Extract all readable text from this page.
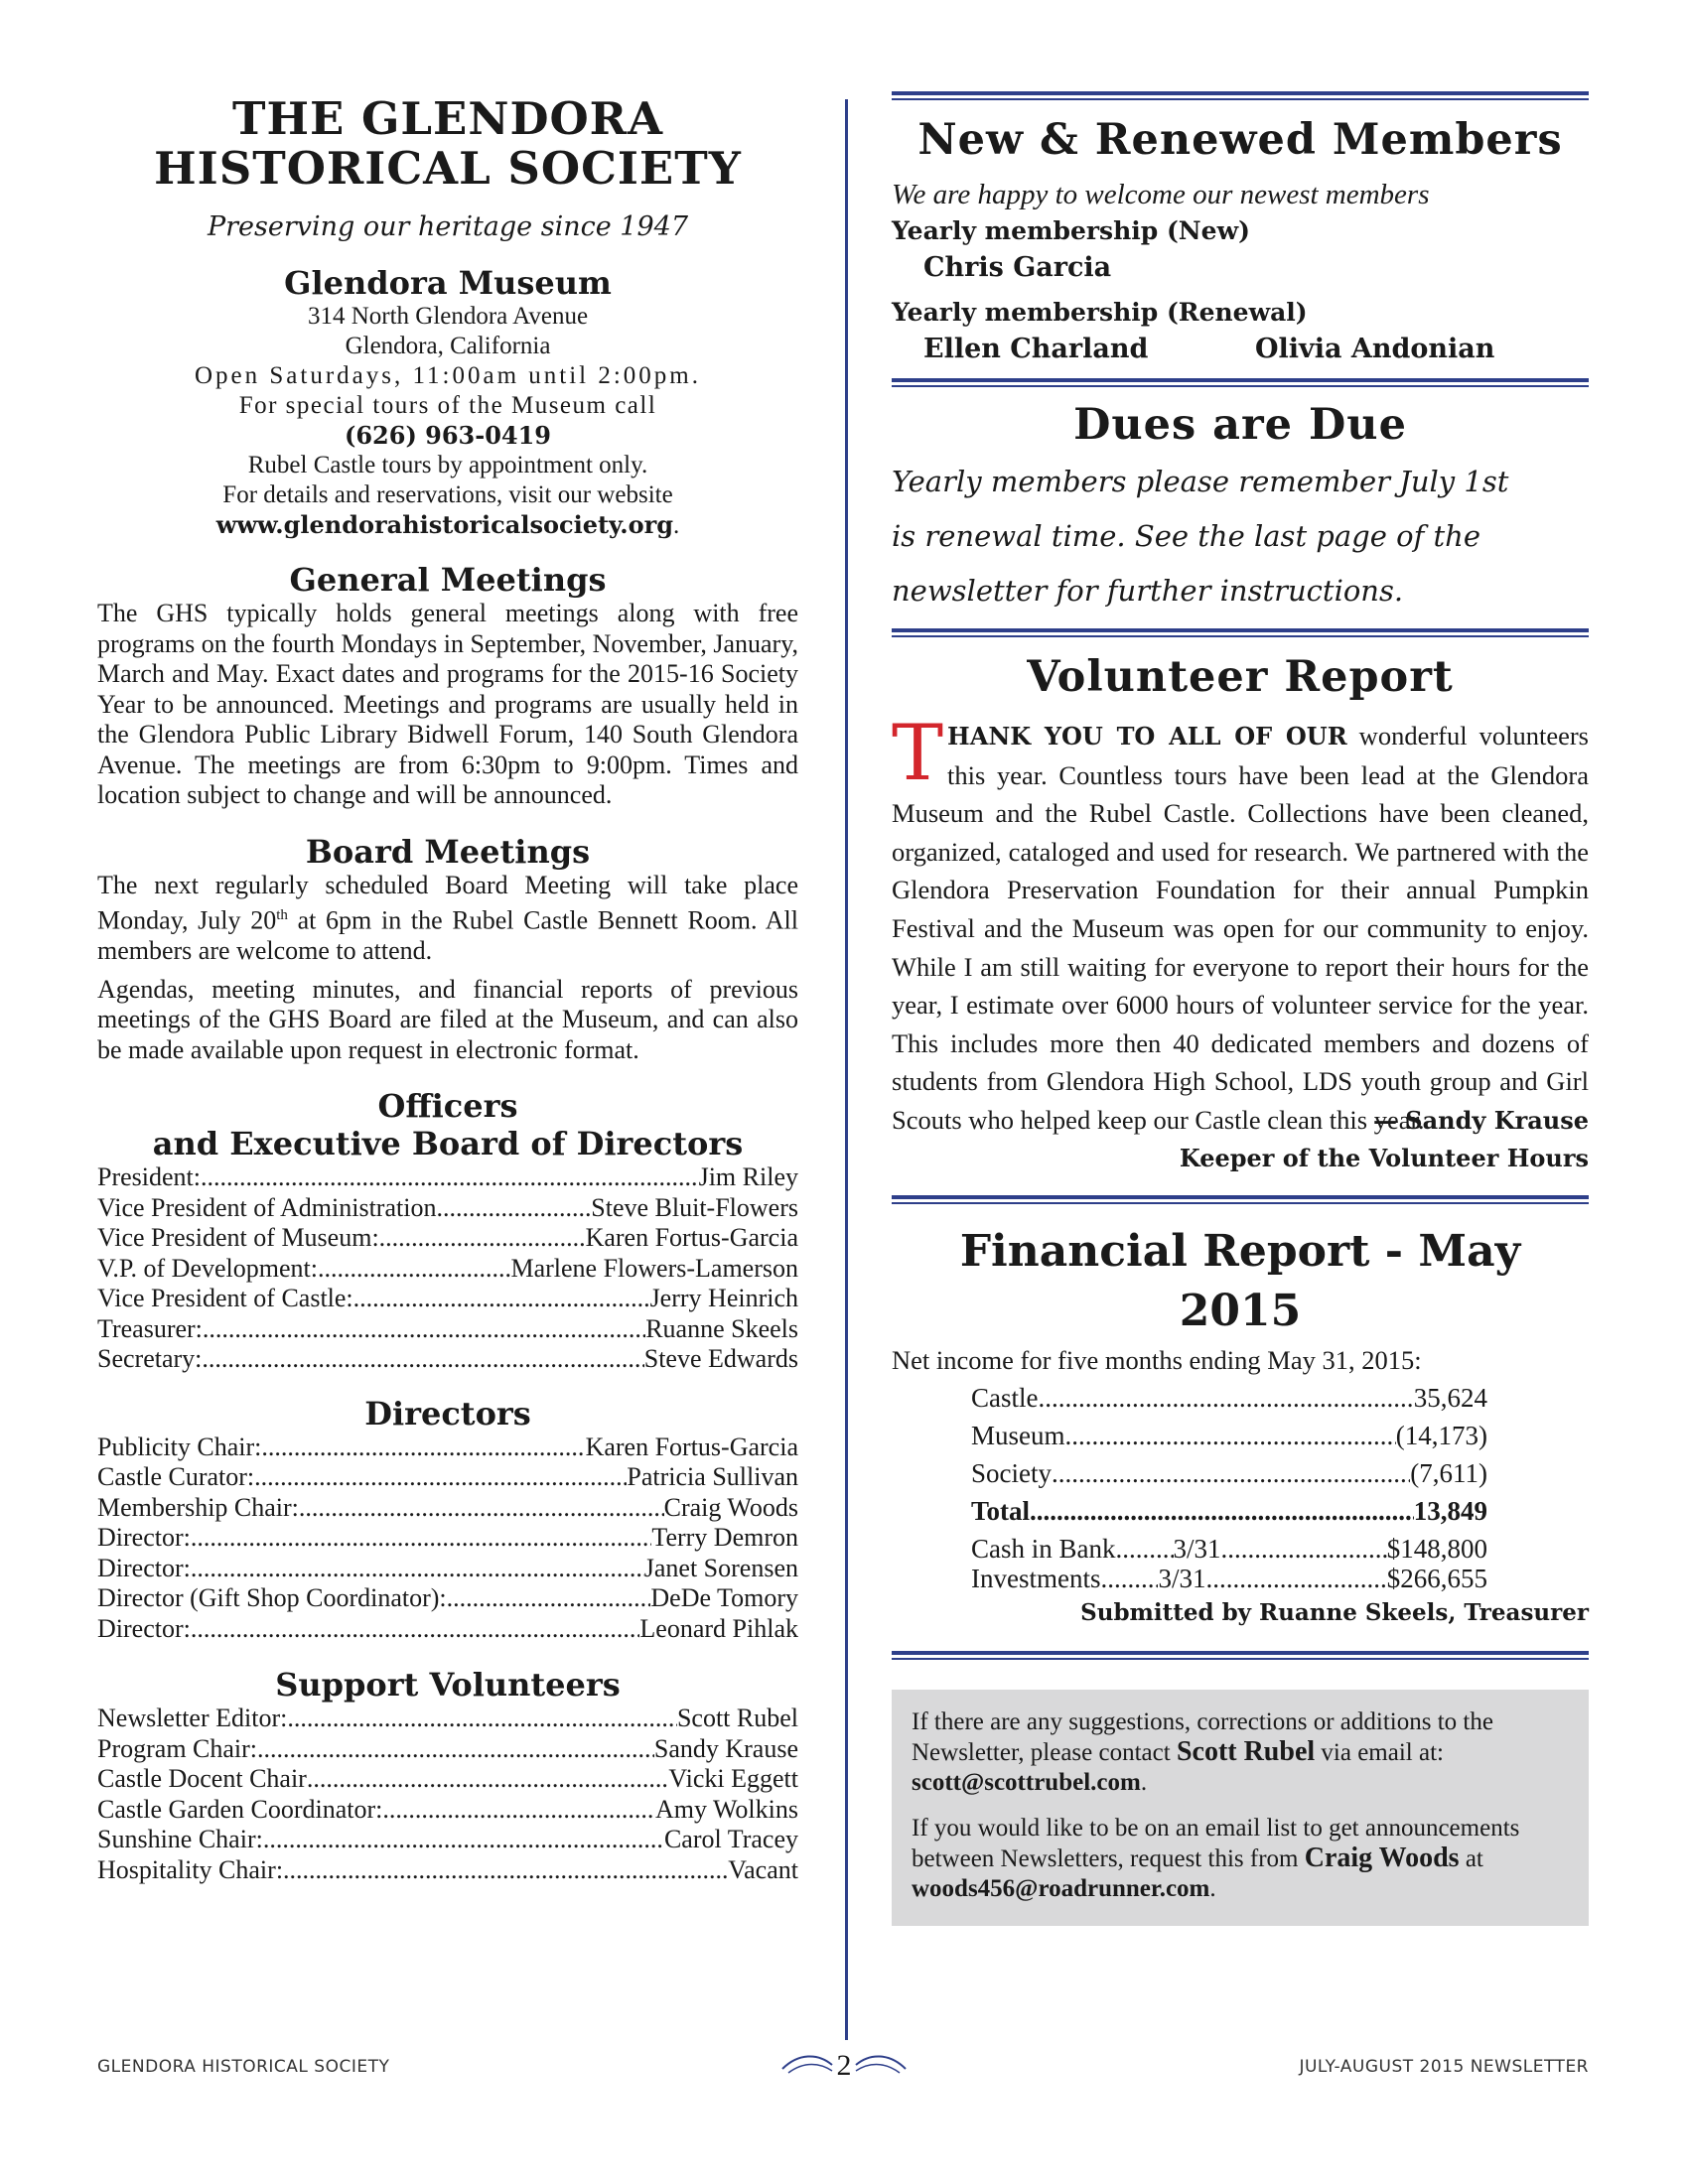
THE GLENDORA
HISTORICAL SOCIETY
Preserving our heritage since 1947
Glendora Museum
314 North Glendora Avenue
Glendora, California
Open Saturdays, 11:00am until 2:00pm.
For special tours of the Museum call
(626) 963-0419
Rubel Castle tours by appointment only.
For details and reservations, visit our website
www.glendorahistoricalsociety.org.
General Meetings
The GHS typically holds general meetings along with free programs on the fourth Mondays in September, November, January, March and May. Exact dates and programs for the 2015-16 Society Year to be announced. Meetings and programs are usually held in the Glendora Public Library Bidwell Forum, 140 South Glendora Avenue. The meetings are from 6:30pm to 9:00pm. Times and location subject to change and will be announced.
Board Meetings
The next regularly scheduled Board Meeting will take place Monday, July 20th at 6pm in the Rubel Castle Bennett Room. All members are welcome to attend.
Agendas, meeting minutes, and financial reports of previous meetings of the GHS Board are filed at the Museum, and can also be made available upon request in electronic format.
Officers
and Executive Board of Directors
President: .....	Jim Riley
Vice President of Administration .....	Steve Bluit-Flowers
Vice President of Museum: .....	Karen Fortus-Garcia
V.P. of Development: .....	Marlene Flowers-Lamerson
Vice President of Castle: .....	Jerry Heinrich
Treasurer: .....	Ruanne Skeels
Secretary: .....	Steve Edwards
Directors
Publicity Chair: .....	Karen Fortus-Garcia
Castle Curator: .....	Patricia Sullivan
Membership Chair: .....	Craig Woods
Director: .....	Terry Demron
Director: .....	Janet Sorensen
Director (Gift Shop Coordinator): .....	DeDe Tomory
Director: .....	Leonard Pihlak
Support Volunteers
Newsletter Editor: .....	Scott Rubel
Program Chair: .....	Sandy Krause
Castle Docent Chair .....	Vicki Eggett
Castle Garden Coordinator: .....	Amy Wolkins
Sunshine Chair: .....	Carol Tracey
Hospitality Chair: .....	Vacant
New & Renewed Members
We are happy to welcome our newest members
Yearly membership (New)
Chris Garcia
Yearly membership (Renewal)
Ellen Charland	Olivia Andonian
Dues are Due
Yearly members please remember July 1st
is renewal time. See the last page of the
newsletter for further instructions.
Volunteer Report
THANK YOU TO ALL OF OUR wonderful volunteers this year. Countless tours have been lead at the Glendora Museum and the Rubel Castle. Collections have been cleaned, organized, cataloged and used for research. We partnered with the Glendora Preservation Foundation for their annual Pumpkin Festival and the Museum was open for our community to enjoy. While I am still waiting for everyone to report their hours for the year, I estimate over 6000 hours of volunteer service for the year. This includes more then 40 dedicated members and dozens of students from Glendora High School, LDS youth group and Girl Scouts who helped keep our Castle clean this year.
— Sandy Krause
Keeper of the Volunteer Hours
Financial Report - May 2015
Net income for five months ending May 31, 2015:
Castle .....	35,624
Museum .....	(14,173)
Society .....	(7,611)
Total .....	13,849
Cash in Bank ..... 3/31 .....	$148,800
Investments ..... 3/31 .....	$266,655
Submitted by Ruanne Skeels, Treasurer

If there are any suggestions, corrections or additions to the Newsletter, please contact Scott Rubel via email at: scott@scottrubel.com.

If you would like to be on an email list to get announcements between Newsletters, request this from Craig Woods at woods456@roadrunner.com.

GLENDORA HISTORICAL SOCIETY	2	JULY-AUGUST 2015 NEWSLETTER
